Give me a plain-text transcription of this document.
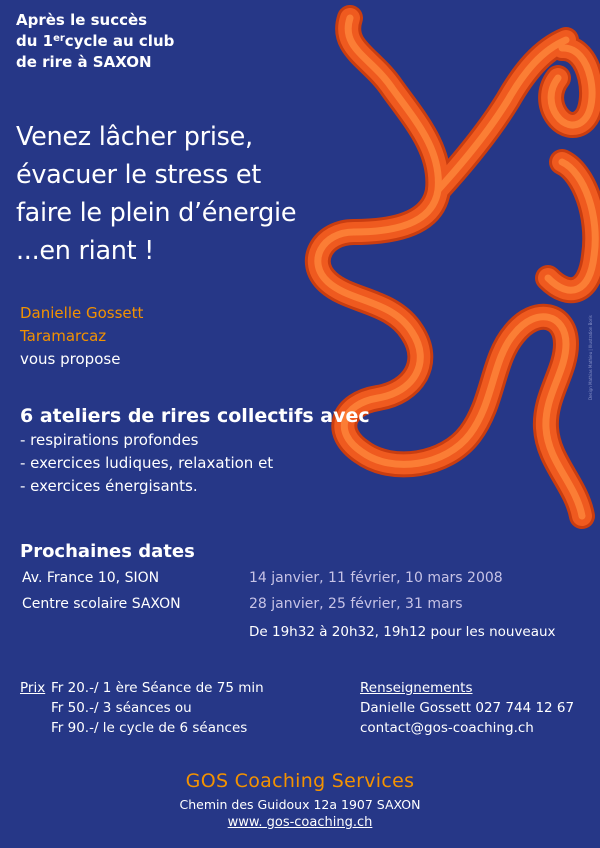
Après le succès
du 1ercycle au club
de rire à SAXON
Venez lâcher prise,
évacuer le stress et
faire le plein d’énergie
...en riant !
Danielle Gossett
Taramarcaz
vous propose
6 ateliers de rires collectifs avec
- respirations profondes
- exercices ludiques, relaxation et
- exercices énergisants.
Prochaines dates
Av. France 10, SION
Centre scolaire SAXON
14 janvier, 11 février, 10 mars 2008
28 janvier, 25 février, 31 mars
De 19h32 à 20h32, 19h12 pour les nouveaux
Prix Fr 20.-/ 1 ère Séance de 75 min
Fr 50.-/ 3 séances ou
Fr 90.-/ le cycle de 6 séances
Renseignements
Danielle Gossett 027 744 12 67
contact@gos-coaching.ch
GOS Coaching Services
Chemin des Guidoux 12a 1907 SAXON
www. gos-coaching.ch
Design Mathias Mathieu | Illustration Boris
